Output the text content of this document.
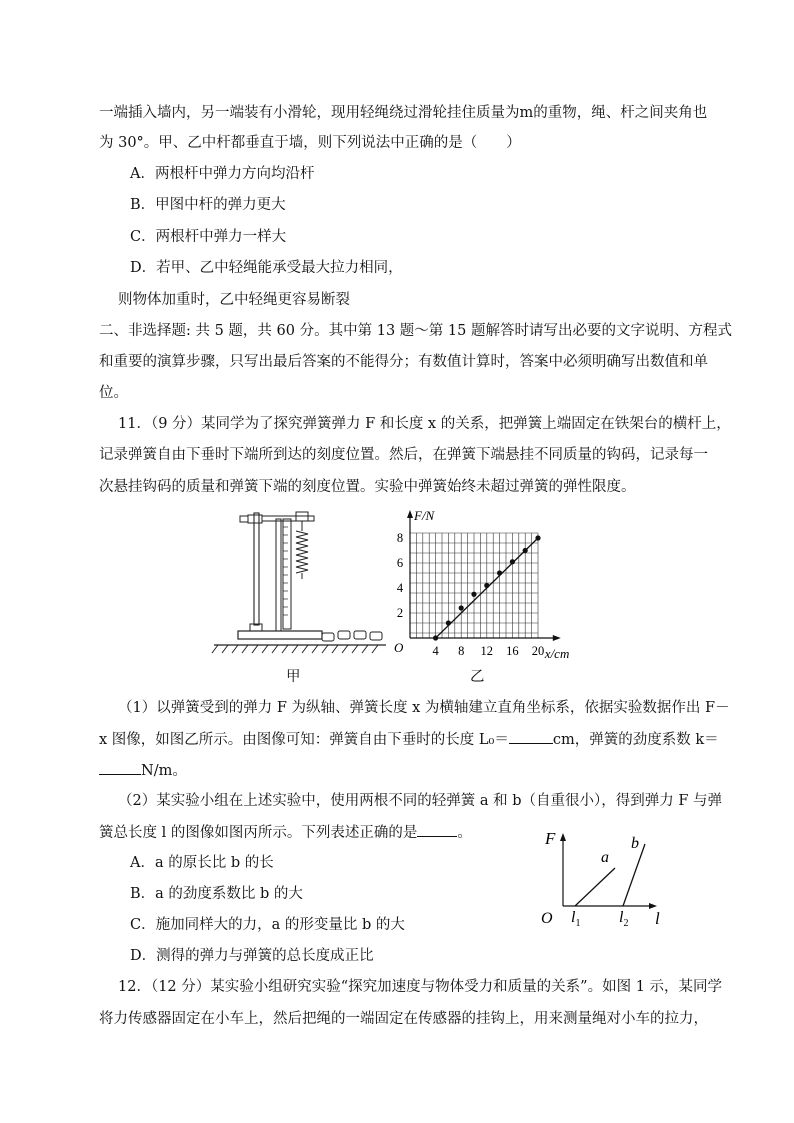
一端插入墙内，另一端装有小滑轮，现用轻绳绕过滑轮挂住质量为m的重物，绳、杆之间夹角也
为 30°。甲、乙中杆都垂直于墙，则下列说法中正确的是（　　）
A．两根杆中弹力方向均沿杆
B．甲图中杆的弹力更大
C．两根杆中弹力一样大
D．若甲、乙中轻绳能承受最大拉力相同，
则物体加重时，乙中轻绳更容易断裂
二、非选择题: 共 5 题，共 60 分。其中第 13 题～第 15 题解答时请写出必要的文字说明、方程式
和重要的演算步骤，只写出最后答案的不能得分；有数值计算时，答案中必须明确写出数值和单
位。
11．（9 分）某同学为了探究弹簧弹力 F 和长度 x 的关系，把弹簧上端固定在铁架台的横杆上，
记录弹簧自由下垂时下端所到达的刻度位置。然后，在弹簧下端悬挂不同质量的钩码，记录每一
次悬挂钩码的质量和弹簧下端的刻度位置。实验中弹簧始终未超过弹簧的弹性限度。
甲
F/N
x/cm
O 4 8 12 16 20
2
4
6
8
乙
（1）以弹簧受到的弹力 F 为纵轴、弹簧长度 x 为横轴建立直角坐标系，依据实验数据作出 F－
x 图像，如图乙所示。由图像可知：弹簧自由下垂时的长度 L₀＝	cm，弹簧的劲度系数 k＝
N/m。
（2）某实验小组在上述实验中，使用两根不同的轻弹簧 a 和 b（自重很小），得到弹力 F 与弹
簧总长度 l 的图像如图丙所示。下列表述正确的是	。
A．a 的原长比 b 的长
B．a 的劲度系数比 b 的大
C．施加同样大的力，a 的形变量比 b 的大
D．测得的弹力与弹簧的总长度成正比
F
l
O
a
b
$l_1$ $l_2$
12．（12 分）某实验小组研究实验“探究加速度与物体受力和质量的关系”。如图 1 示，某同学
将力传感器固定在小车上，然后把绳的一端固定在传感器的挂钩上，用来测量绳对小车的拉力，
